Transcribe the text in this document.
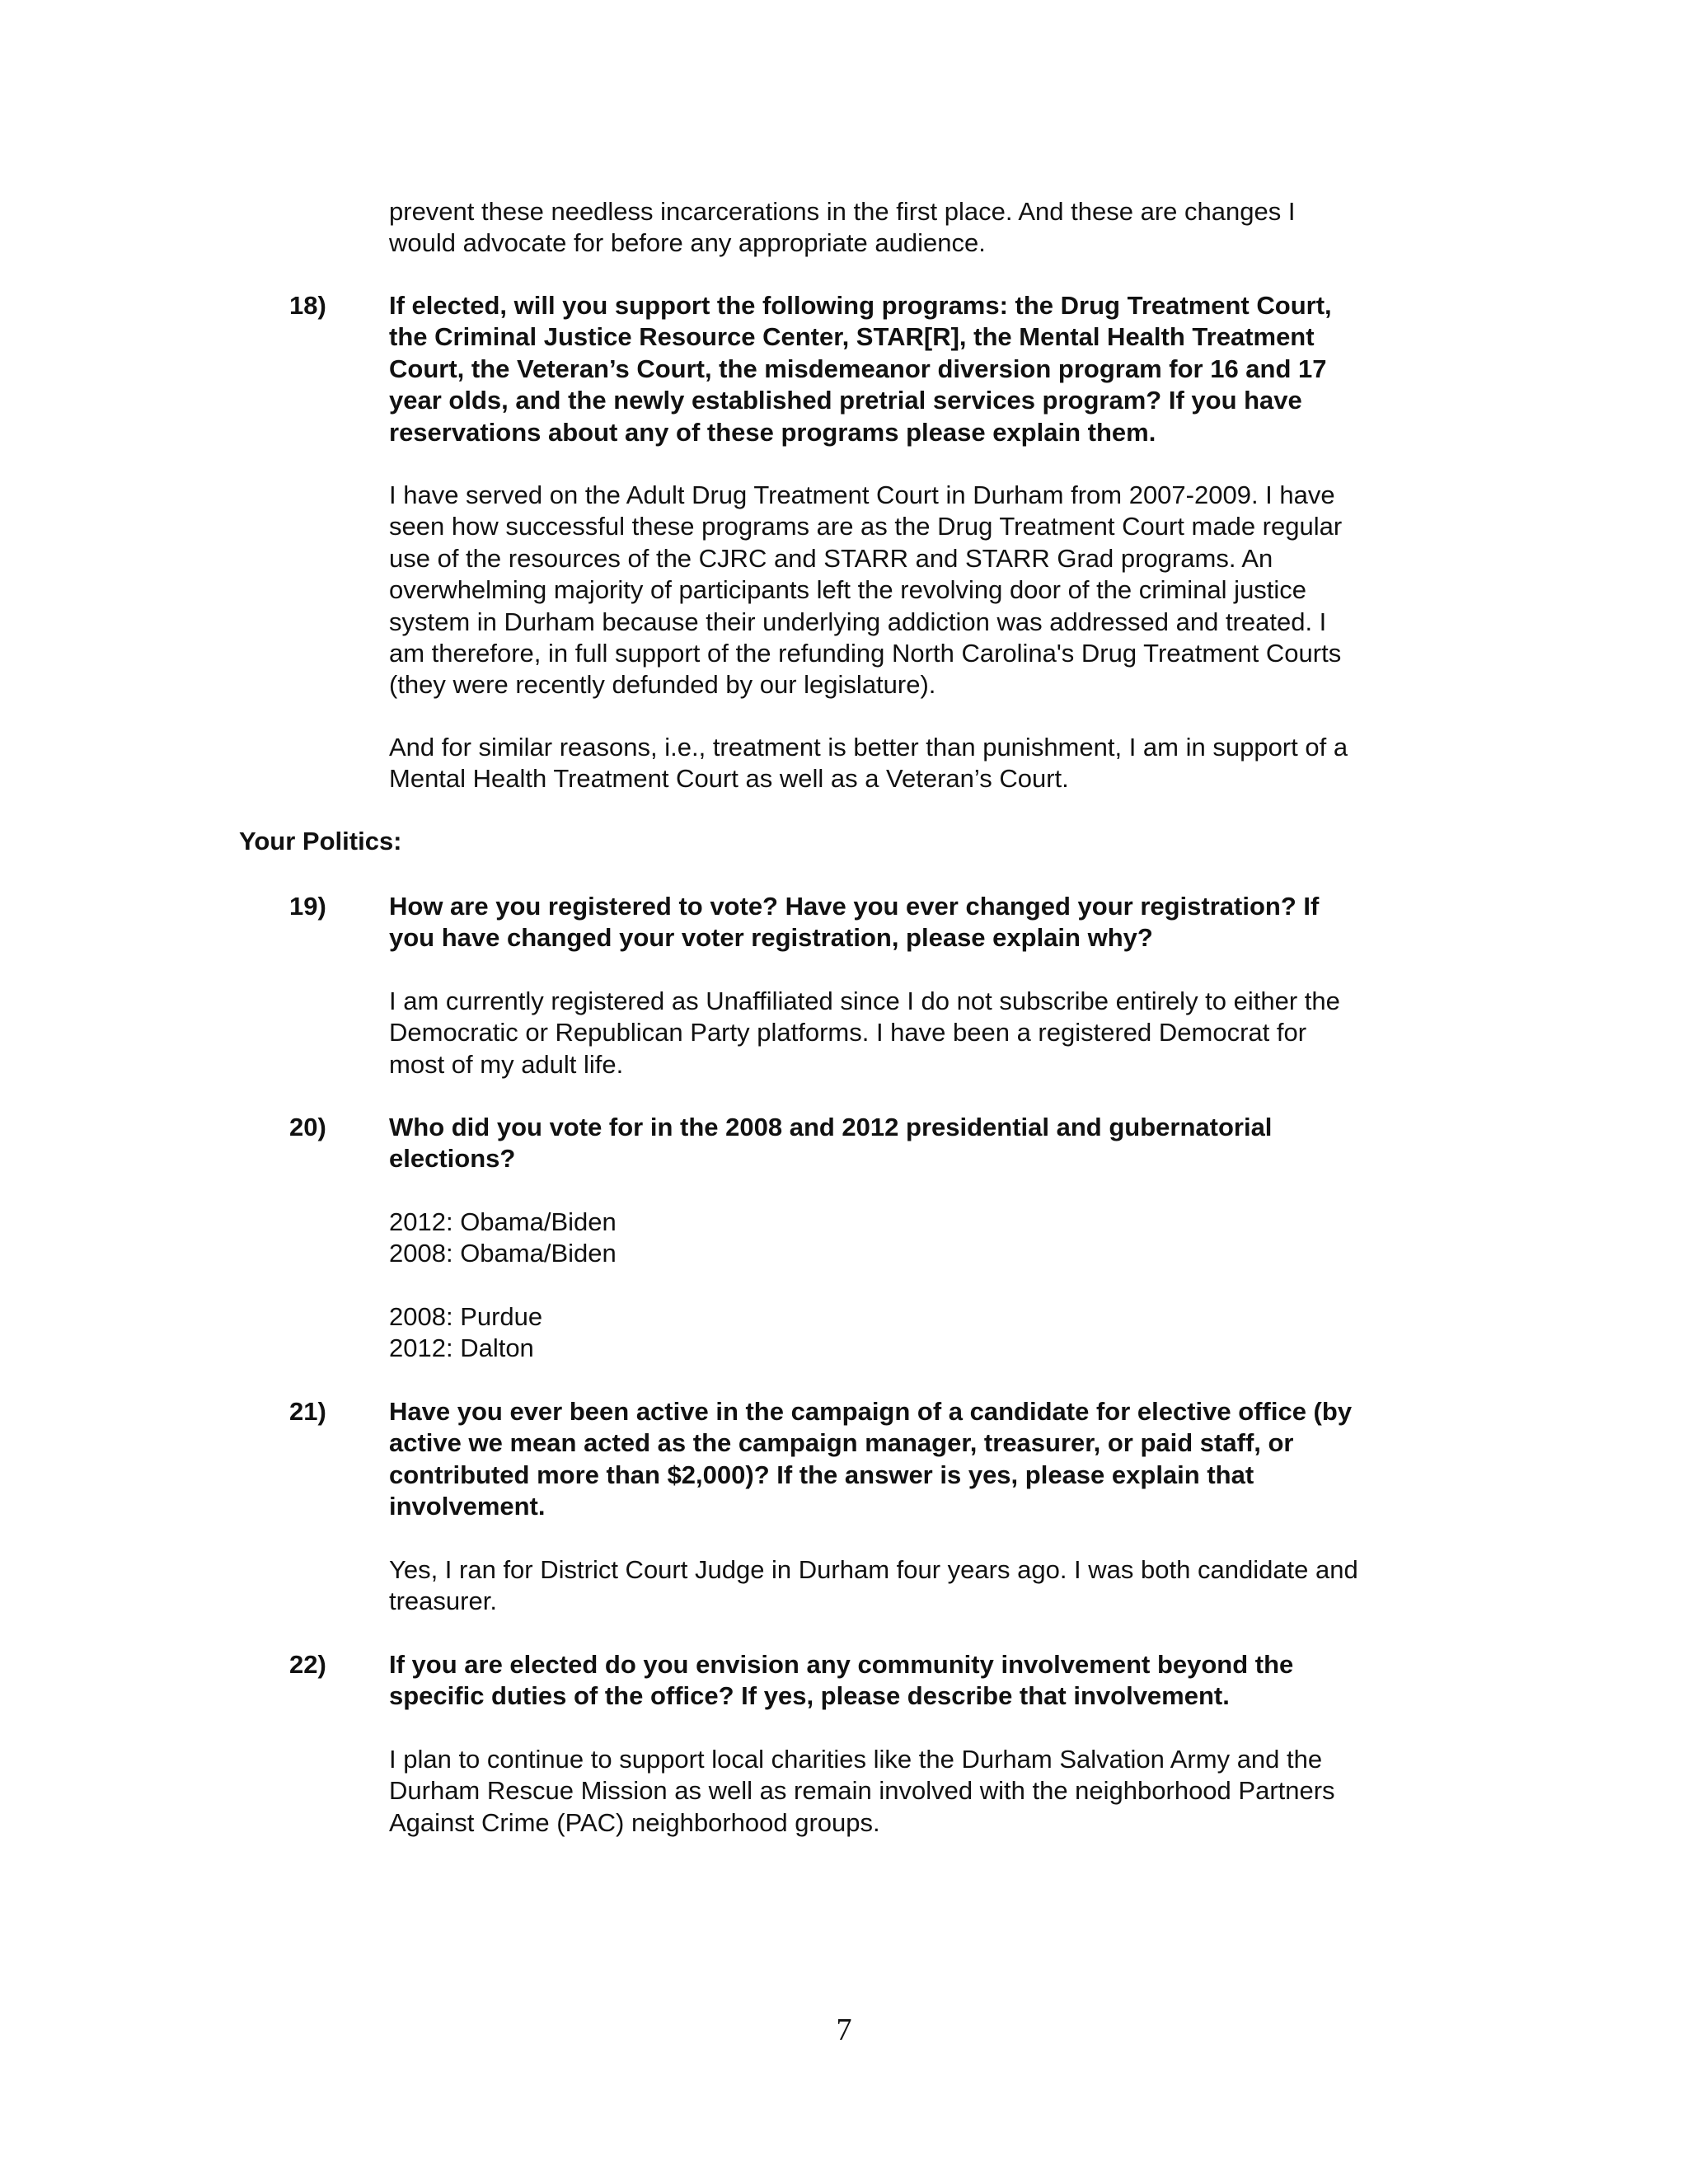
prevent these needless incarcerations in the first place. And these are changes I
would advocate for before any appropriate audience.
18) If elected, will you support the following programs: the Drug Treatment Court,
the Criminal Justice Resource Center, STAR[R], the Mental Health Treatment
Court, the Veteran’s Court, the misdemeanor diversion program for 16 and 17
year olds, and the newly established pretrial services program? If you have
reservations about any of these programs please explain them.
I have served on the Adult Drug Treatment Court in Durham from 2007-2009. I have
seen how successful these programs are as the Drug Treatment Court made regular
use of the resources of the CJRC and STARR and STARR Grad programs. An
overwhelming majority of participants left the revolving door of the criminal justice
system in Durham because their underlying addiction was addressed and treated. I
am therefore, in full support of the refunding North Carolina's Drug Treatment Courts
(they were recently defunded by our legislature).
And for similar reasons, i.e., treatment is better than punishment, I am in support of a
Mental Health Treatment Court as well as a Veteran’s Court.
Your Politics:
19) How are you registered to vote? Have you ever changed your registration? If
you have changed your voter registration, please explain why?
I am currently registered as Unaffiliated since I do not subscribe entirely to either the
Democratic or Republican Party platforms. I have been a registered Democrat for
most of my adult life.
20) Who did you vote for in the 2008 and 2012 presidential and gubernatorial
elections?
2012: Obama/Biden
2008: Obama/Biden
2008: Purdue
2012: Dalton
21) Have you ever been active in the campaign of a candidate for elective office (by
active we mean acted as the campaign manager, treasurer, or paid staff, or
contributed more than $2,000)? If the answer is yes, please explain that
involvement.
Yes, I ran for District Court Judge in Durham four years ago. I was both candidate and
treasurer.
22) If you are elected do you envision any community involvement beyond the
specific duties of the office? If yes, please describe that involvement.
I plan to continue to support local charities like the Durham Salvation Army and the
Durham Rescue Mission as well as remain involved with the neighborhood Partners
Against Crime (PAC) neighborhood groups.
7
